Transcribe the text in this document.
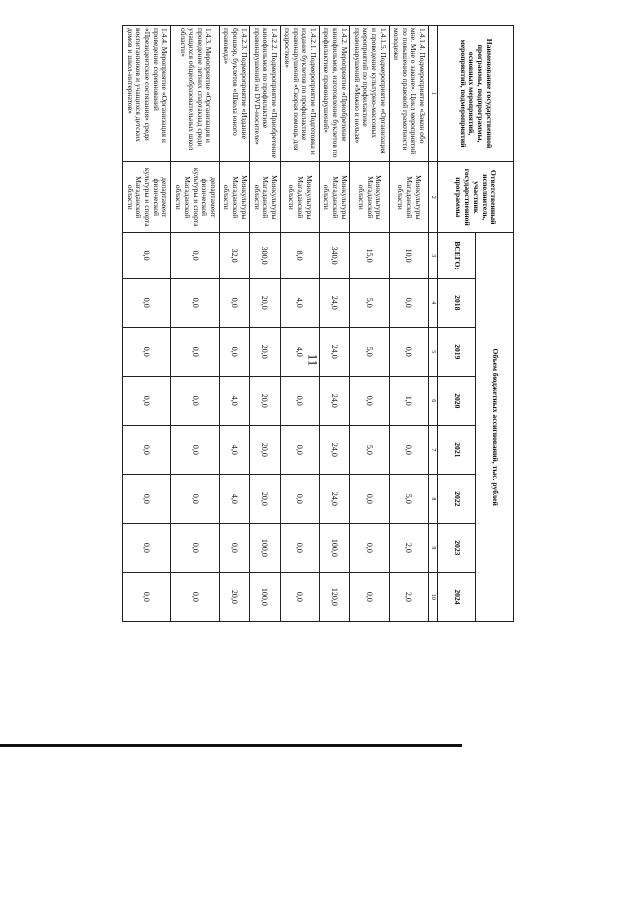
11
Наименование государственной программы, подпрограммы, основных мероприятий, мероприятий, подмероприятий	Ответственный исполнитель, участник государственной программы	Объем бюджетных ассигнований, тыс. рублей							
		ВСЕГО:	2018	2019	2020	2021	2022	2023	2024
1	2	3	4	5	6	7	8	9	10
1.4.1.4. Подмероприятие «Закон обо мне. Мне о законе». Цикл мероприятий по повышению правовой грамотности молодежи	Минкультуры Магаданской области	10,0	0,0	0,0	1,0	0,0	5,0	2,0	2,0
1.4.1.5. Подмероприятие «Организация и проведение культурно-массовых мероприятий по профилактике правонарушений «Можно и нельзя»	Минкультуры Магаданской области	15,0	5,0	5,0	0,0	5,0	0,0	0,0	0,0
1.4.2. Мероприятие «Приобретение кинофильмов, изготовление буклетов по профилактике правонарушений»	Минкультуры Магаданской области	340,0	24,0	24,0	24,0	24,0	24,0	100,0	120,0
1.4.2.1. Подмероприятие «Подготовка и издание буклетов по профилактике правонарушений «Скорая помощь для подростков»	Минкультуры Магаданской области	8,0	4,0	4,0	0,0	0,0	0,0	0,0	0,0
1.4.2.2. Подмероприятие «Приобретение кинофильмов по профилактике правонарушений на DVD-носителе»	Минкультуры Магаданской области	300,0	20,0	20,0	20,0	20,0	20,0	100,0	100,0
1.4.2.3. Подмероприятие «Издание брошюр, буклетов «Школа юного правоведа»	Минкультуры Магаданской области	32,0	0,0	0,0	4,0	4,0	4,0	0,0	20,0
1.4.3. Мероприятие «Организация и проведение летних спартакиад среди учащихся общеобразовательных школ области»	департамент физической культуры и спорта Магаданской области	0,0	0,0	0,0	0,0	0,0	0,0	0,0	0,0
1.4.4. Мероприятие «Организация и проведение соревнований «Президентские состязания» среди воспитанников и учащихся детских домов и школ-интернатов»	департамент физической культуры и спорта Магаданской области	0,0	0,0	0,0	0,0	0,0	0,0	0,0	0,0
